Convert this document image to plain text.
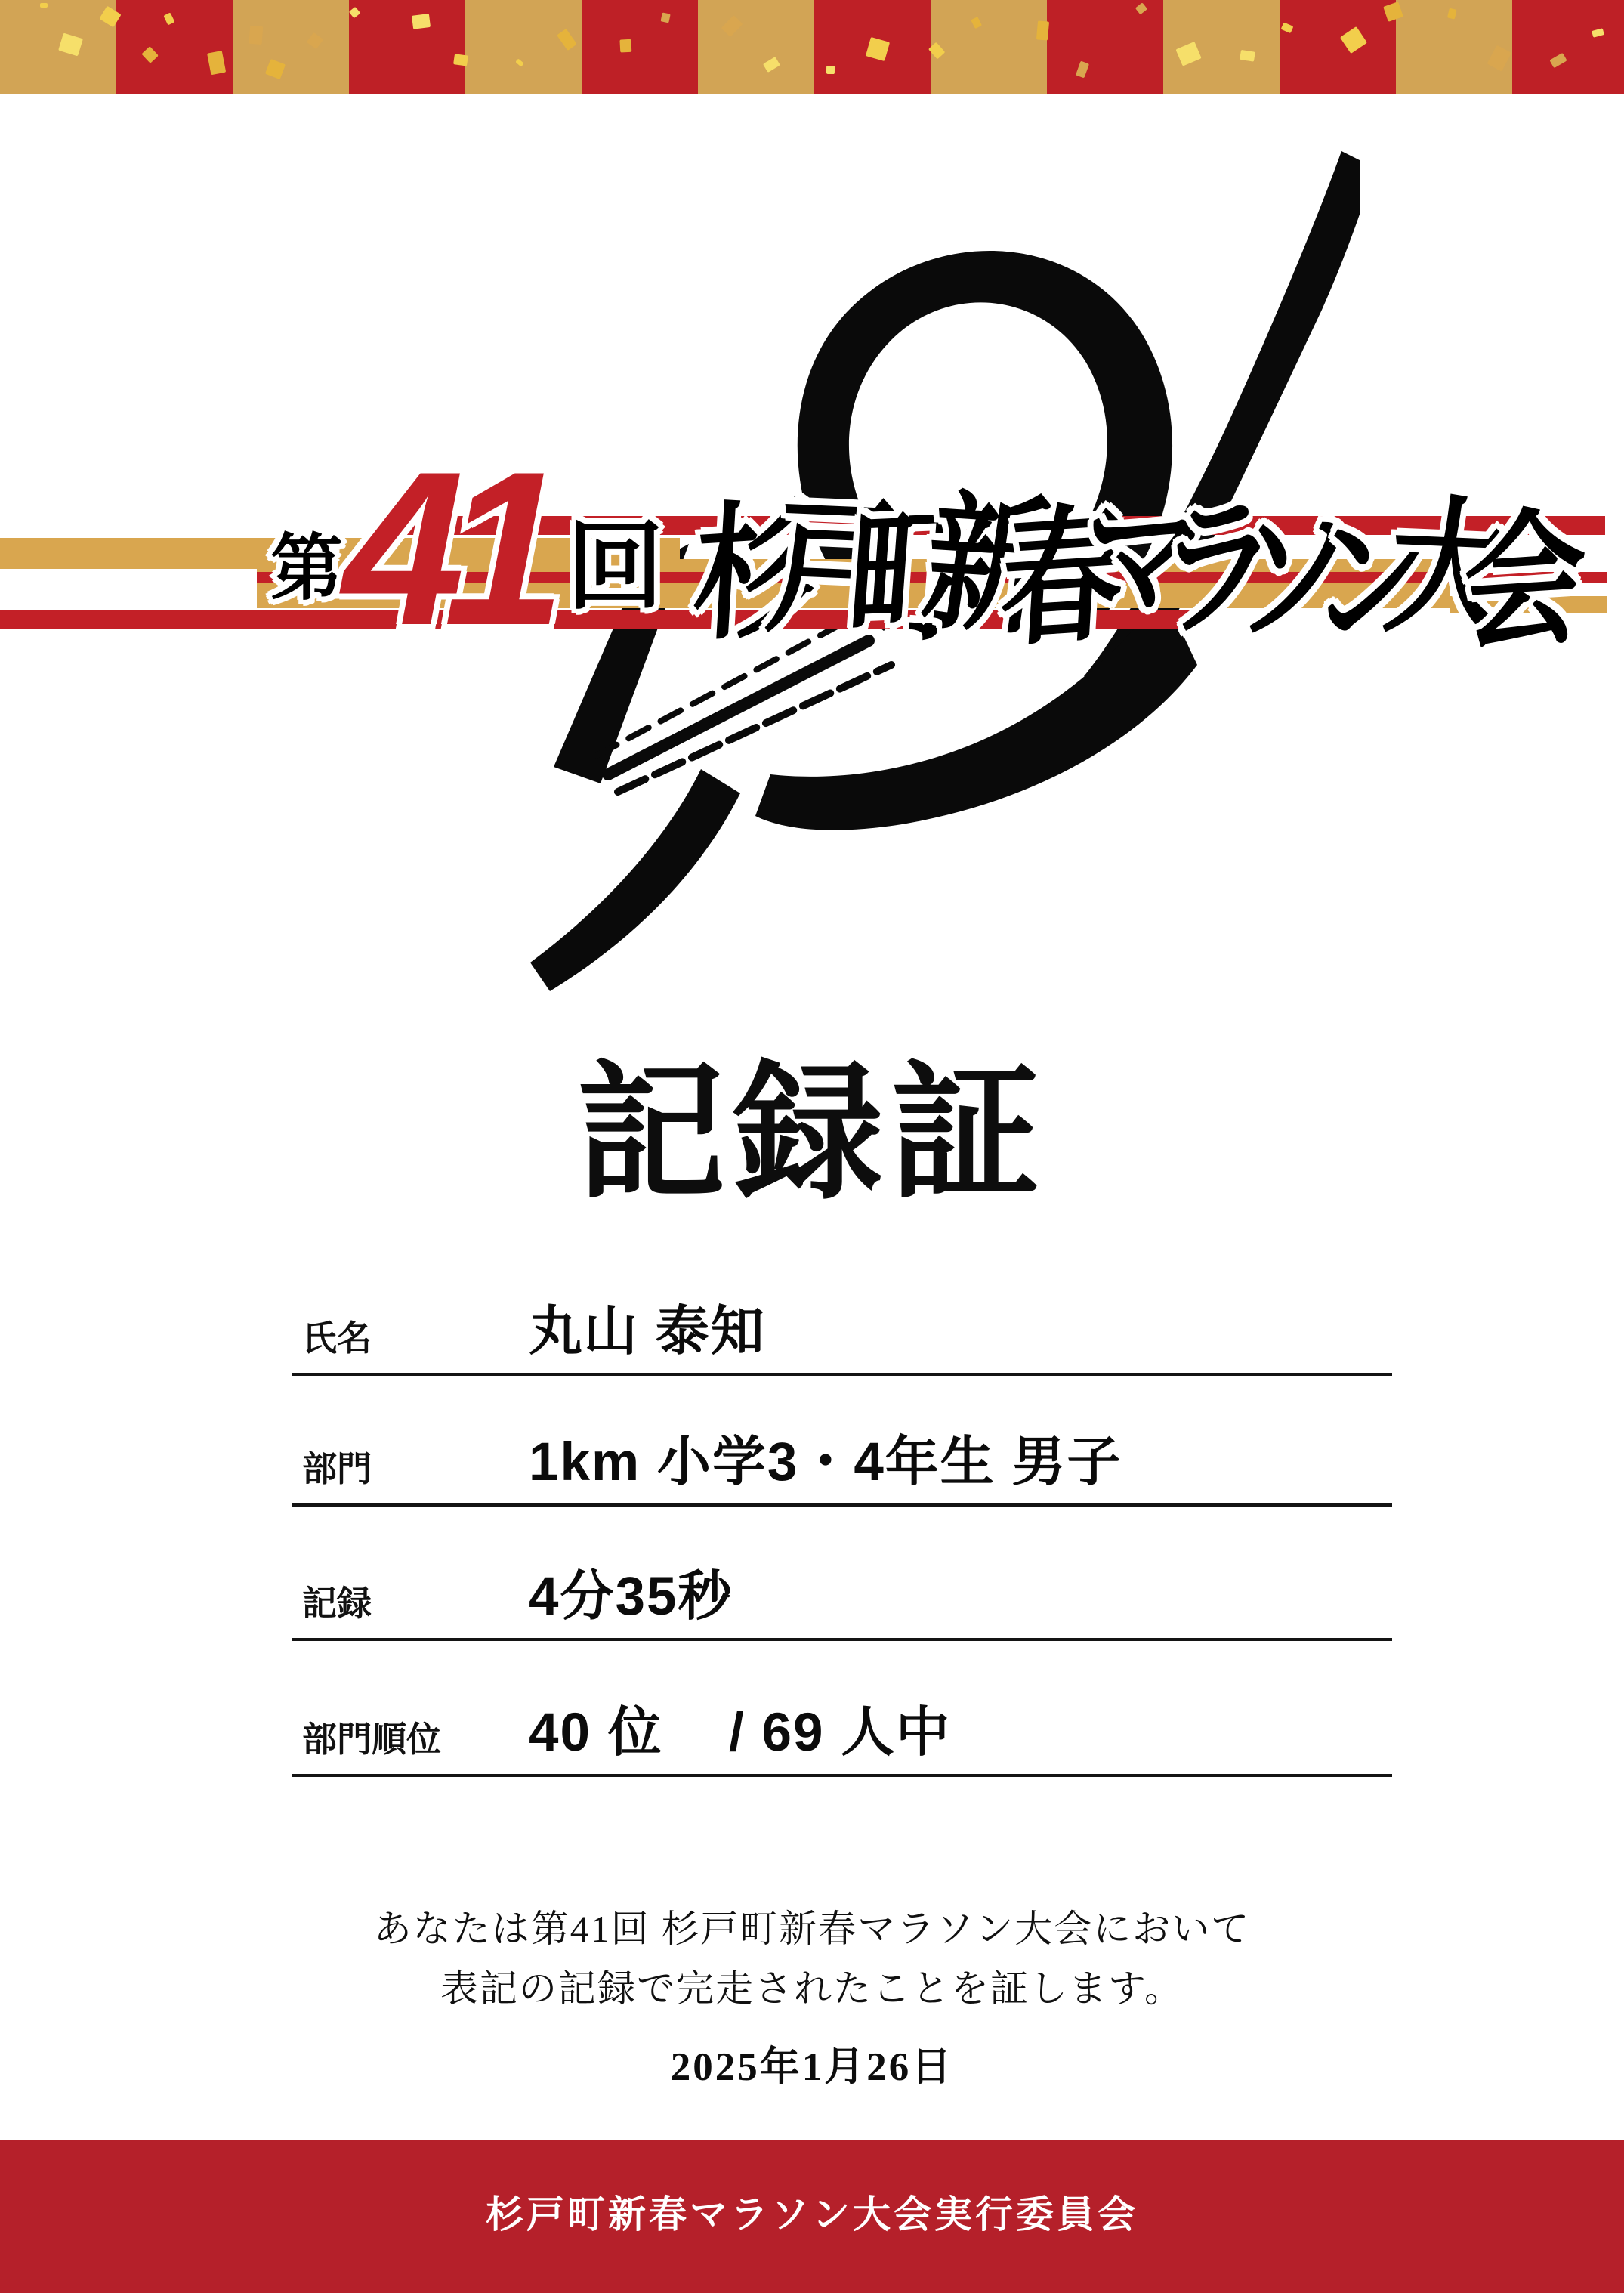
第 41 回 杉戸町新春マラソン大会
記録証
氏名	丸山 泰知
部門	1km 小学3・4年生 男子
記録	4分35秒
部門順位 40 位 / 69 人中
あなたは第41回 杉戸町新春マラソン大会において
表記の記録で完走されたことを証します。
2025年1月26日
杉戸町新春マラソン大会実行委員会
